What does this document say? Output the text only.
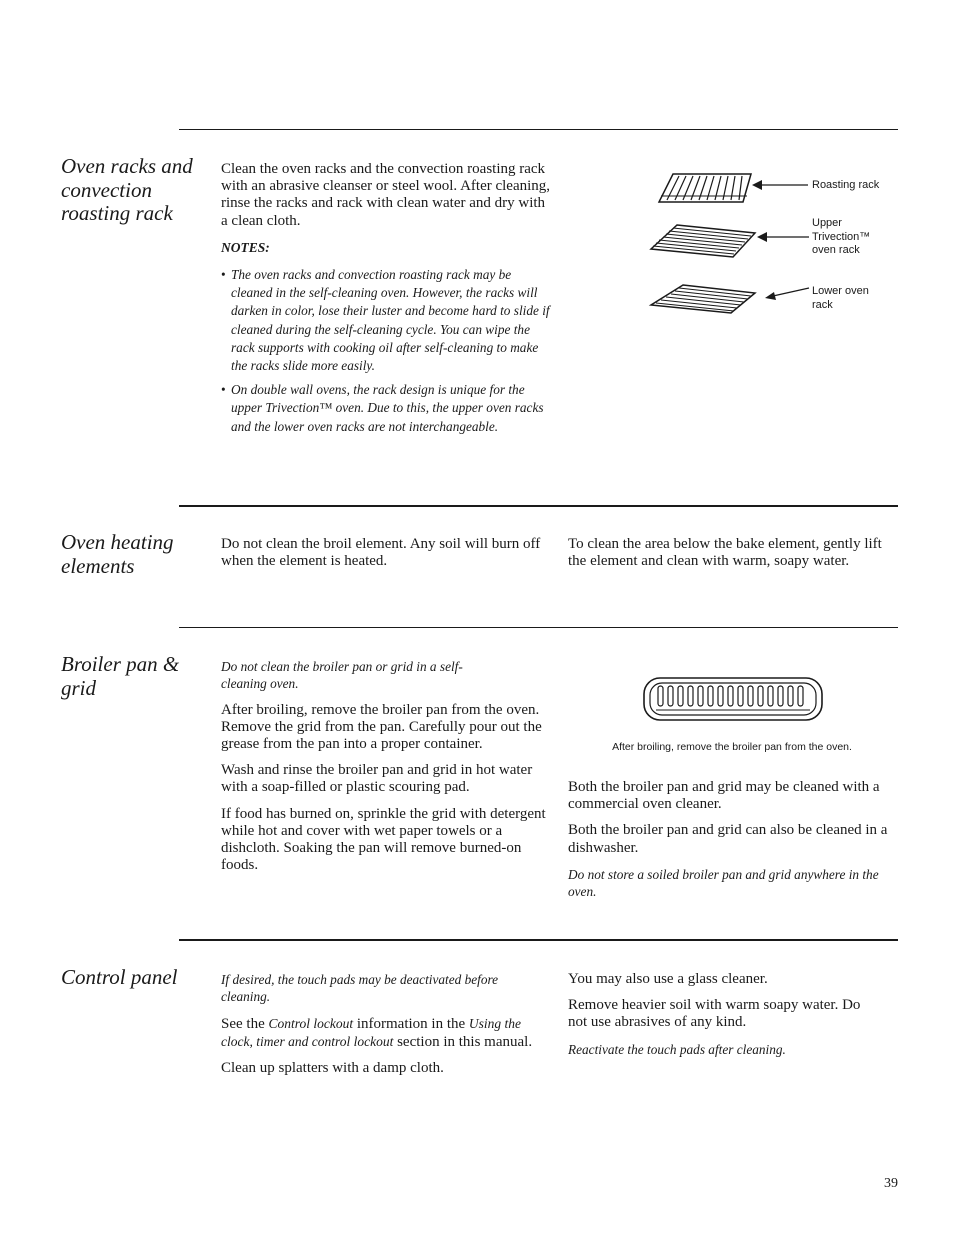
Oven racks and convection roasting rack

Clean the oven racks and the convection roasting rack with an abrasive cleanser or steel wool. After cleaning, rinse the racks and rack with clean water and dry with a clean cloth.

NOTES:

• The oven racks and convection roasting rack may be cleaned in the self-cleaning oven. However, the racks will darken in color, lose their luster and become hard to slide if cleaned during the self-cleaning cycle. You can wipe the rack supports with cooking oil after self-cleaning to make the racks slide more easily.
• On double wall ovens, the rack design is unique for the upper Trivection™ oven. Due to this, the upper oven racks and the lower oven racks are not interchangeable.
Roasting rack
Upper Trivection™ oven rack
Lower oven rack
Oven heating elements

Do not clean the broil element. Any soil will burn off when the element is heated.

To clean the area below the bake element, gently lift the element and clean with warm, soapy water.

Broiler pan & grid

Do not clean the broiler pan or grid in a self-cleaning oven.

After broiling, remove the broiler pan from the oven. Remove the grid from the pan. Carefully pour out the grease from the pan into a proper container.

Wash and rinse the broiler pan and grid in hot water with a soap-filled or plastic scouring pad.

If food has burned on, sprinkle the grid with detergent while hot and cover with wet paper towels or a dishcloth. Soaking the pan will remove burned-on foods.

After broiling, remove the broiler pan from the oven.

Both the broiler pan and grid may be cleaned with a commercial oven cleaner.

Both the broiler pan and grid can also be cleaned in a dishwasher.

Do not store a soiled broiler pan and grid anywhere in the oven.

Control panel	If desired, the touch pads may be deactivated before cleaning.

See the Control lockout information in the Using the clock, timer and control lockout section in this manual.

Clean up splatters with a damp cloth.

You may also use a glass cleaner.

Remove heavier soil with warm soapy water. Do not use abrasives of any kind.

Reactivate the touch pads after cleaning.

39
